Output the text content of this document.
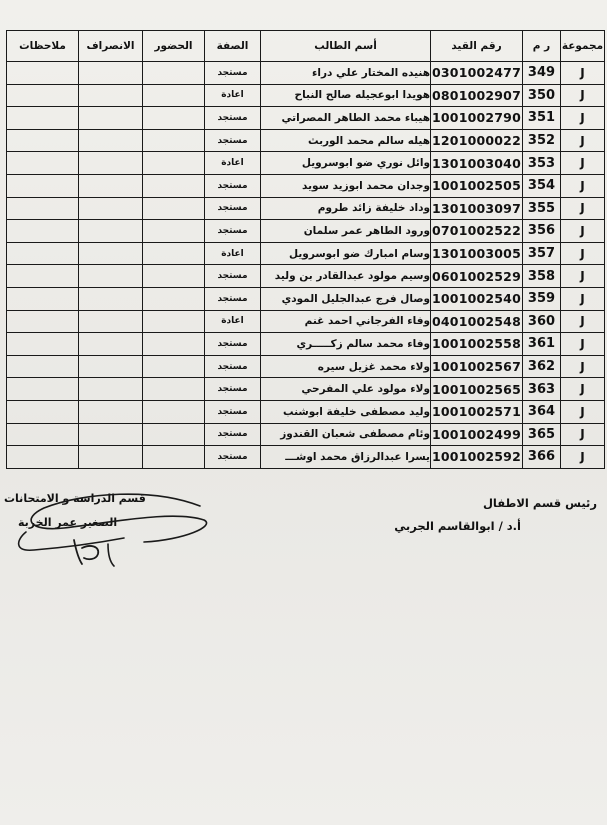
مجموعة	ر م	رقم القيد	أسم الطالب	الصفة	الحضور	الانصراف	ملاحظات
J	349	0301002477	هنيده المختار علي دراء	مستجد			
J	350	0801002907	هويدا ابوعجيله صالح النباح	اعادة			
J	351	1001002790	هيباء محمد الطاهر المصراتي	مستجد			
J	352	1201000022	هيله سالم محمد الوربث	مستجد			
J	353	1301003040	وائل نوري ضو ابوسرويل	اعادة			
J	354	1001002505	وجدان محمد ابوزيد سويد	مستجد			
J	355	1301003097	وداد خليفة زائد طروم	مستجد			
J	356	0701002522	ورود الطاهر عمر سلمان	مستجد			
J	357	1301003005	وسام امبارك ضو ابوسرويل	اعادة			
J	358	0601002529	وسيم مولود عبدالقادر بن وليد	مستجد			
J	359	1001002540	وصال فرج عبدالجليل المودي	مستجد			
J	360	0401002548	وفاء الفرجاني احمد غنم	اعادة			
J	361	1001002558	وفاء محمد سالم زكـــــري	مستجد			
J	362	1001002567	ولاء محمد غزيل سيره	مستجد			
J	363	1001002565	ولاء مولود علي المفرحي	مستجد			
J	364	1001002571	وليد مصطفى خليفة ابوشنب	مستجد			
J	365	1001002499	وئام مصطفى شعبان القندوز	مستجد			
J	366	1001002592	يسرا عبدالرزاق محمد اوشـــ	مستجد			
رئيس قسم الاطفال
أ.د / ابوالقاسم الجربي
قسم الدراسة و الامتحانات
الصغير عمر الخربة
